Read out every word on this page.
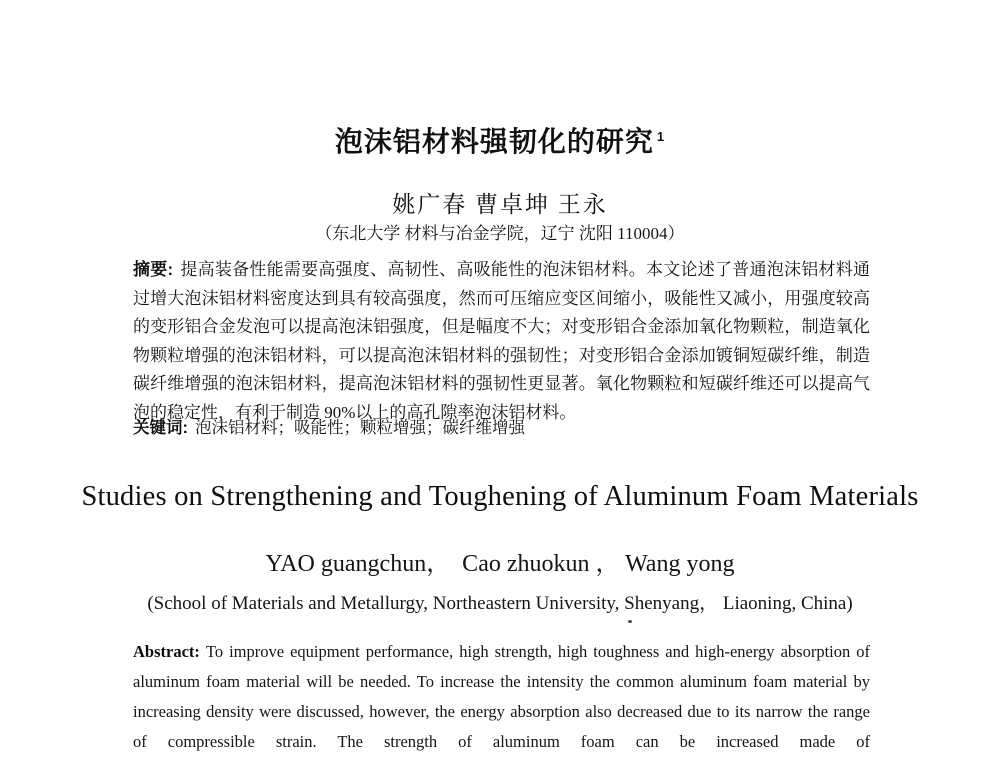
泡沫铝材料强韧化的研究 $^1$
姚广春 曹卓坤 王永
（东北大学 材料与冶金学院，辽宁 沈阳 110004）

摘要: 提高装备性能需要高强度、高韧性、高吸能性的泡沫铝材料。本文论述了普通泡沫铝材料通过增大泡沫铝材料密度达到具有较高强度，然而可压缩应变区间缩小，吸能性又减小，用强度较高的变形铝合金发泡可以提高泡沫铝强度，但是幅度不大；对变形铝合金添加氧化物颗粒，制造氧化物颗粒增强的泡沫铝材料，可以提高泡沫铝材料的强韧性；对变形铝合金添加镀铜短碳纤维，制造碳纤维增强的泡沫铝材料，提高泡沫铝材料的强韧性更显著。氧化物颗粒和短碳纤维还可以提高气泡的稳定性，有利于制造 90%以上的高孔隙率泡沫铝材料。

关键词: 泡沫铝材料；吸能性；颗粒增强；碳纤维增强

Studies on Strengthening and Toughening of Aluminum Foam Materials
YAO guangchun，  Cao zhuokun ， Wang yong
(School of Materials and Metallurgy, Northeastern University, Shenyang， Liaoning, China)

Abstract: To improve equipment performance, high strength, high toughness and high-energy absorption of aluminum foam material will be needed. To increase the intensity the common aluminum foam material by increasing density were discussed, however, the energy absorption also decreased due to its narrow the range of compressible strain. The strength of aluminum foam can be increased made of
